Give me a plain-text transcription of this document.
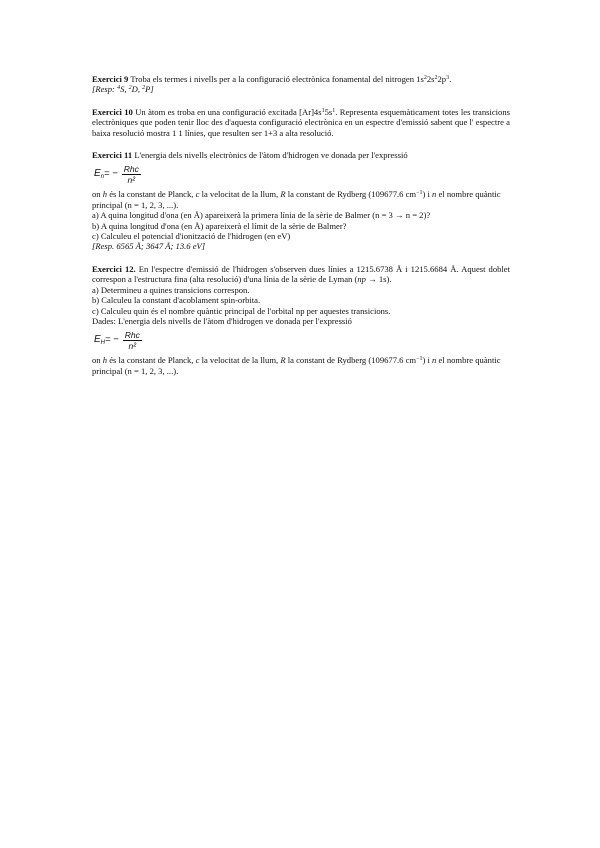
Exercici 9 Troba els termes i nivells per a la configuració electrònica fonamental del nitrogen $1s^22s^22p^3$.

[Resp: $^4$S, $^2$D, $^2$P]

Exercici 10 Un àtom es troba en una configuració excitada $[Ar]4s^15s^1$. Representa esquemàticament totes les transicions electròniques que poden tenir lloc des d'aquesta configuració electrònica en un espectre d'emissió sabent que l' espectre a baixa resolució mostra 1 1 línies, que resulten ser 1+3 a alta resolució.

Exercici 11 L'energia dels nivells electrònics de l'àtom d'hidrogen ve donada per l'expressió

$E_n$ = − $\frac{\text{Rhc}}{\text{n²}}$

on h és la constant de Planck, c la velocitat de la llum, R la constant de Rydberg (109677.6 $cm^{-1}$) i n el nombre quàntic principal (n = 1, 2, 3, ...).

a) A quina longitud d'ona (en Å) apareixerà la primera línia de la sèrie de Balmer (n = 3 → n = 2)?

b) A quina longitud d'ona (en Å) apareixerà el límit de la sèrie de Balmer?

c) Calculeu el potencial d'ionització de l'hidrogen (en eV)

[Resp. 6565 Å; 3647 Å; 13.6 eV]

Exercici 12. En l'espectre d'emissió de l'hidrogen s'observen dues línies a 1215.6738 Å i 1215.6684 Å. Aquest doblet correspon a l'estructura fina (alta resolució) d'una línia de la sèrie de Lyman (np → 1s).

a) Determineu a quines transicions correspon.

b) Calculeu la constant d'acoblament spin-orbita.

c) Calculeu quin és el nombre quàntic principal de l'orbital np per aquestes transicions.

Dades: L'energia dels nivells de l'àtom d'hidrogen ve donada per l'expressió

$E_H$ = − $\frac{\text{Rhc}}{\text{n²}}$

on h és la constant de Planck, c la velocitat de la llum, R la constant de Rydberg (109677.6 $cm^{-1}$) i n el nombre quàntic principal (n = 1, 2, 3, ...).
